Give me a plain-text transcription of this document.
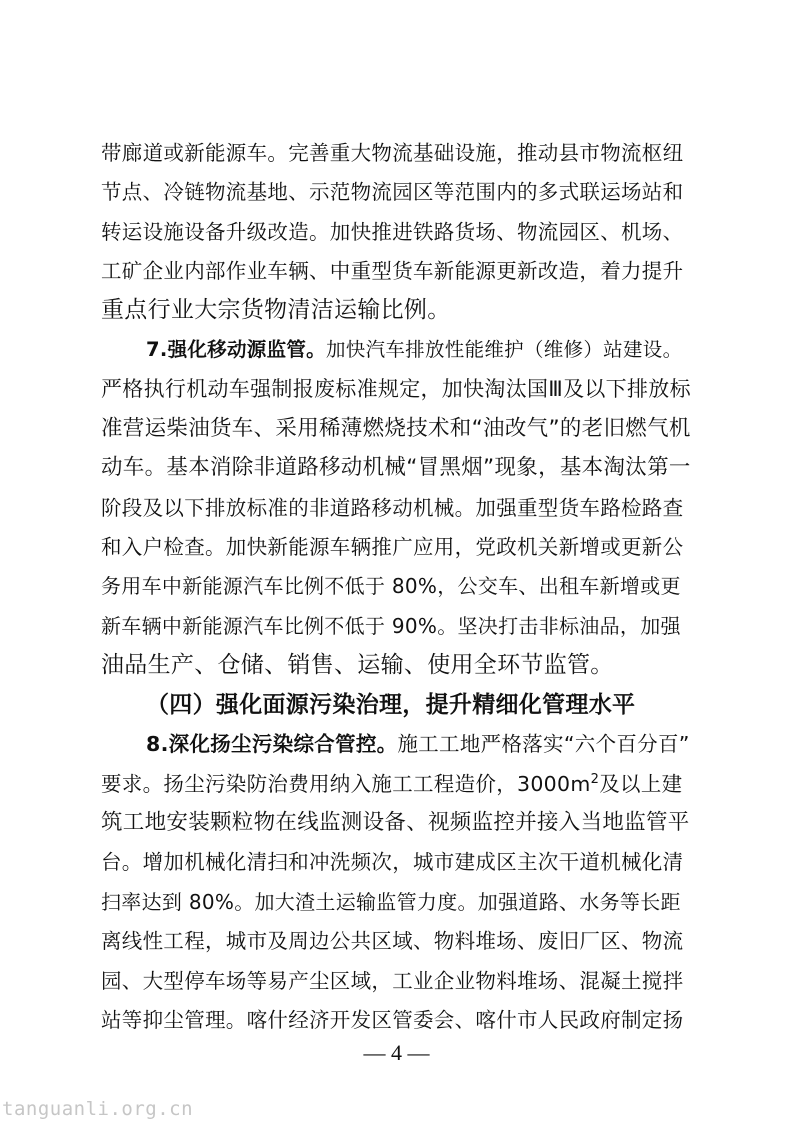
带廊道或新能源车。完善重大物流基础设施，推动县市物流枢纽
节点、冷链物流基地、示范物流园区等范围内的多式联运场站和
转运设施设备升级改造。加快推进铁路货场、物流园区、机场、
工矿企业内部作业车辆、中重型货车新能源更新改造，着力提升
重点行业大宗货物清洁运输比例。
7.强化移动源监管。加快汽车排放性能维护（维修）站建设。
严格执行机动车强制报废标准规定，加快淘汰国Ⅲ及以下排放标
准营运柴油货车、采用稀薄燃烧技术和“油改气”的老旧燃气机
动车。基本消除非道路移动机械“冒黑烟”现象，基本淘汰第一
阶段及以下排放标准的非道路移动机械。加强重型货车路检路查
和入户检查。加快新能源车辆推广应用，党政机关新增或更新公
务用车中新能源汽车比例不低于 80%，公交车、出租车新增或更
新车辆中新能源汽车比例不低于 90%。坚决打击非标油品，加强
油品生产、仓储、销售、运输、使用全环节监管。
（四）强化面源污染治理，提升精细化管理水平
8.深化扬尘污染综合管控。施工工地严格落实“六个百分百”
要求。扬尘污染防治费用纳入施工工程造价，$3000m^2$及以上建
筑工地安装颗粒物在线监测设备、视频监控并接入当地监管平
台。增加机械化清扫和冲洗频次，城市建成区主次干道机械化清
扫率达到 80%。加大渣土运输监管力度。加强道路、水务等长距
离线性工程，城市及周边公共区域、物料堆场、废旧厂区、物流
园、大型停车场等易产尘区域，工业企业物料堆场、混凝土搅拌
站等抑尘管理。喀什经济开发区管委会、喀什市人民政府制定扬
— 4 —
tanguanli.org.cn
